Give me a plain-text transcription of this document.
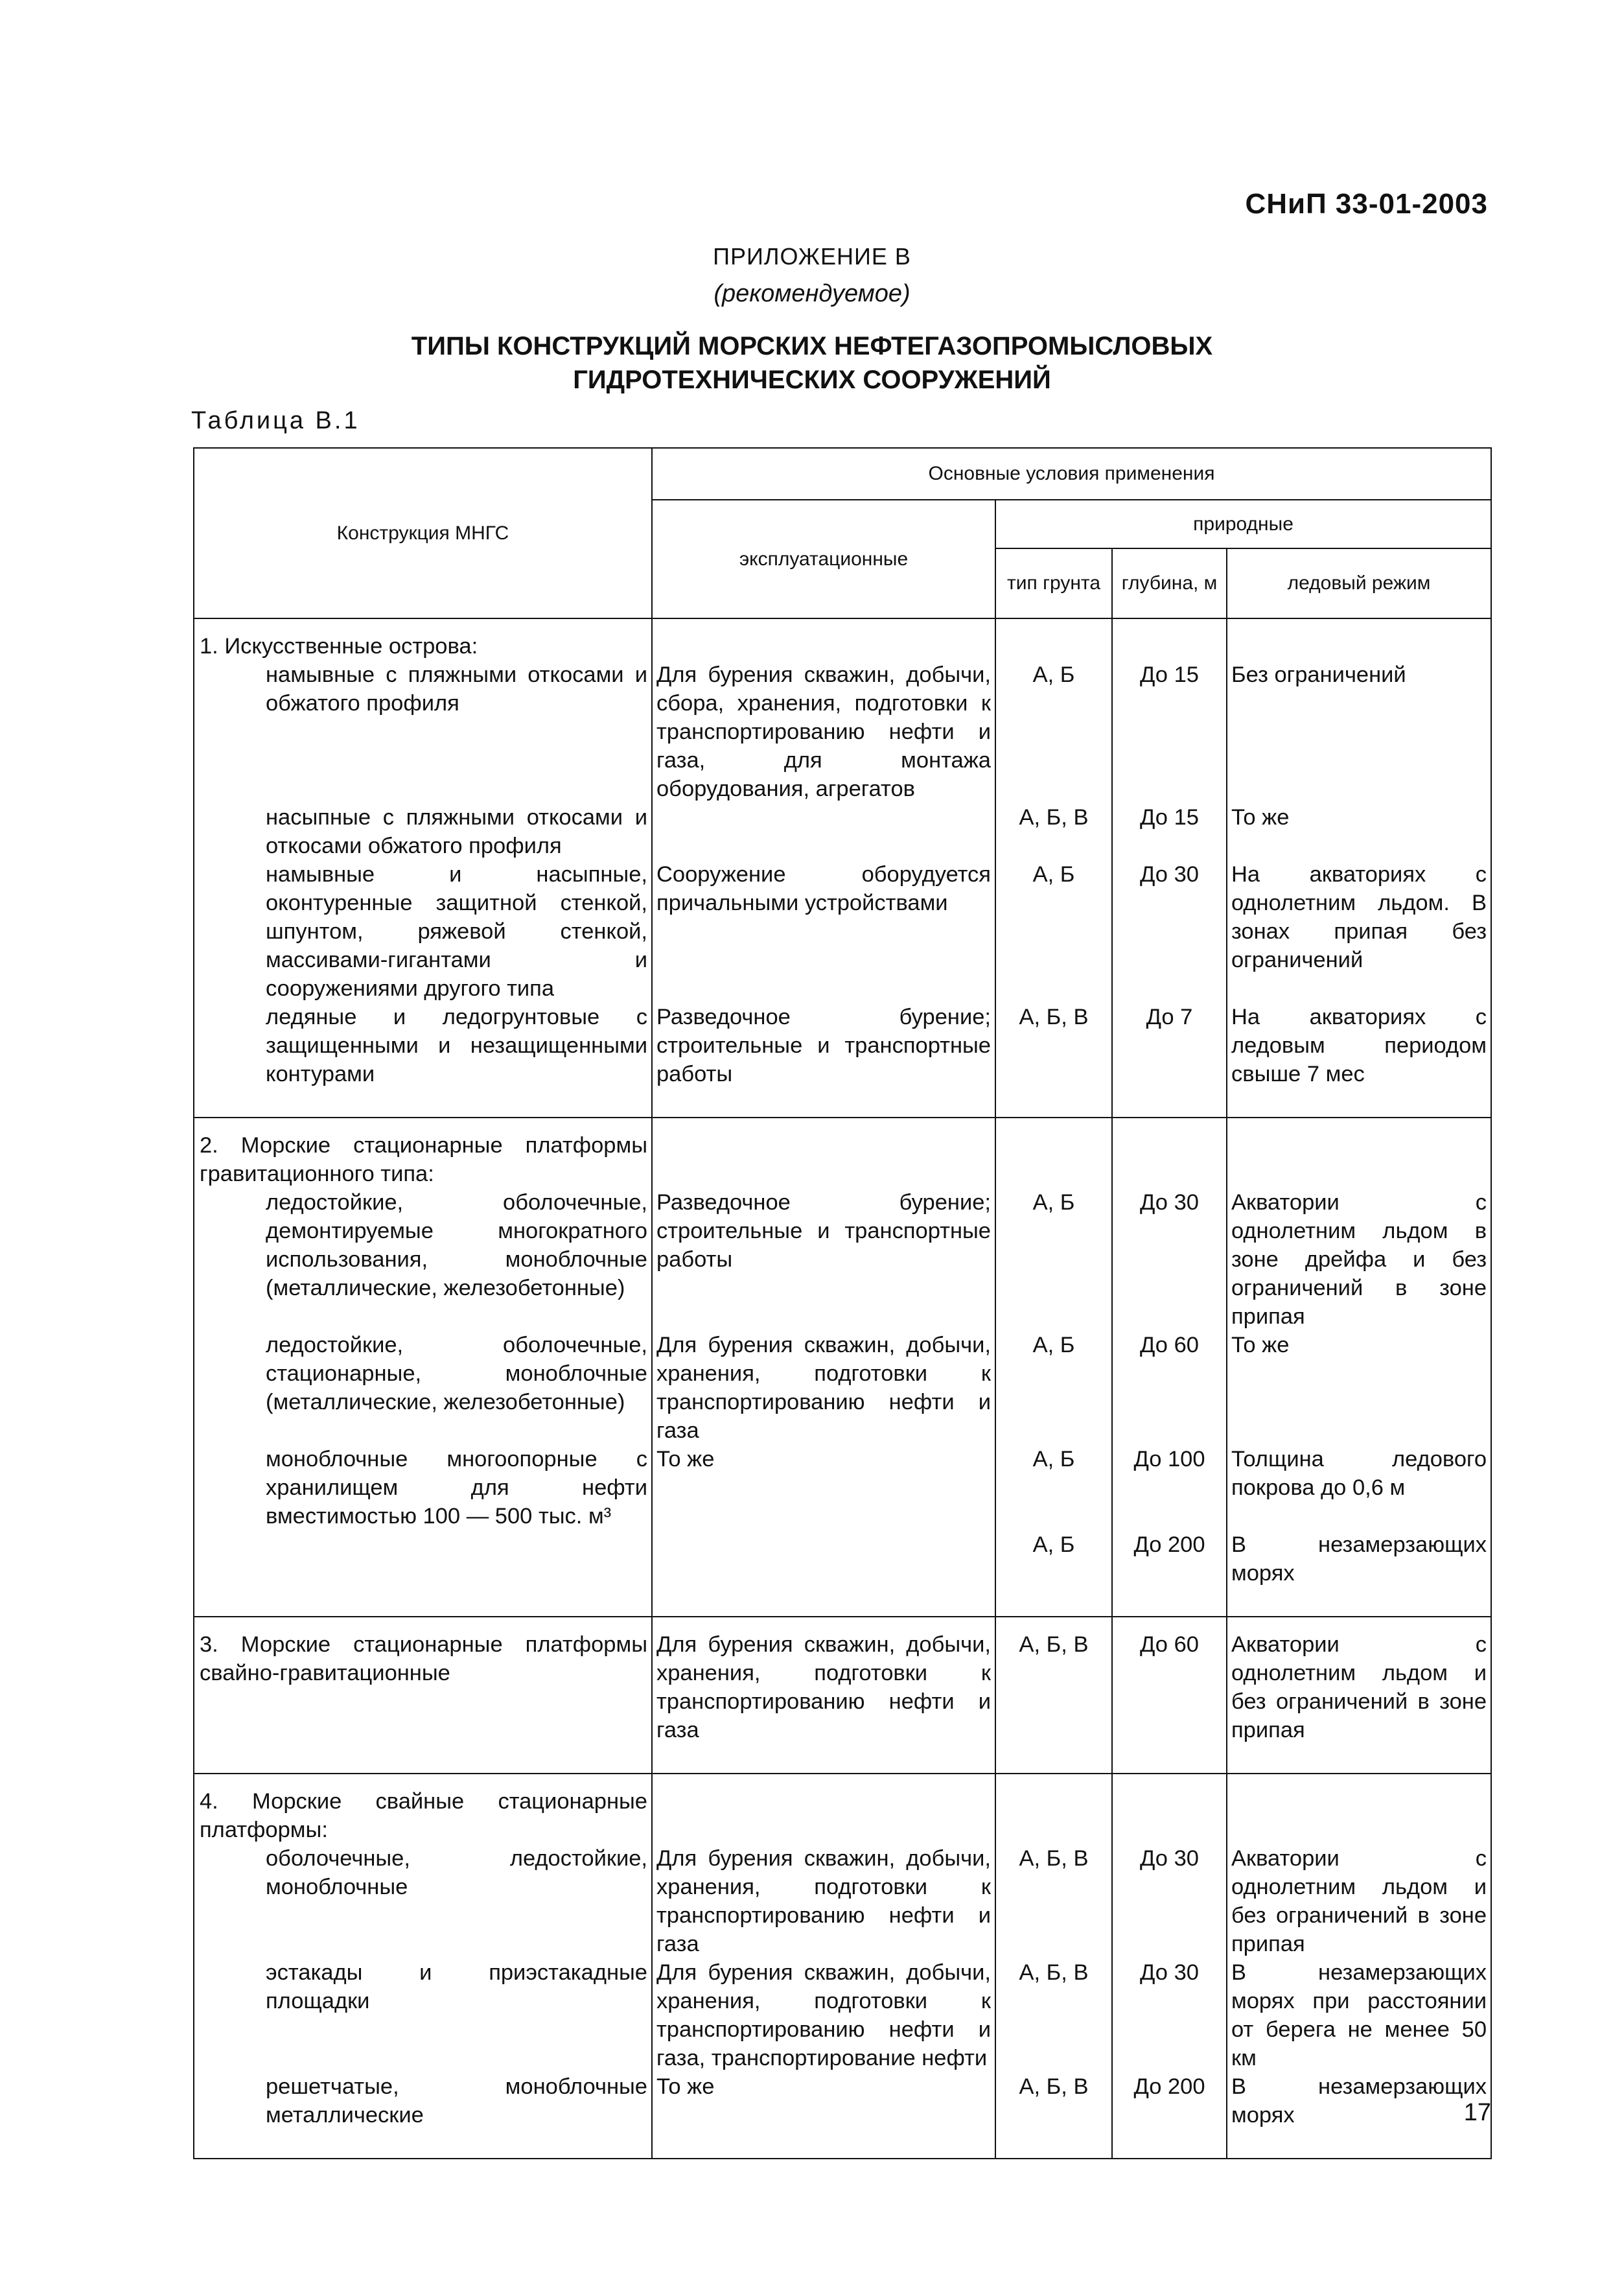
СНиП 33-01-2003
ПРИЛОЖЕНИЕ В
(рекомендуемое)
ТИПЫ КОНСТРУКЦИЙ МОРСКИХ НЕФТЕГАЗОПРОМЫСЛОВЫХ
ГИДРОТЕХНИЧЕСКИХ СООРУЖЕНИЙ
Таблица В.1
Конструкция МНГС	Основные условия применения			
	эксплуатационные	природные		
		тип грунта	глубина, м	ледовый режим
1. Искусственные острова:				
намывные с пляжными откосами и обжатого профиля	Для бурения скважин, добычи, сбора, хранения, подготовки к транспортированию нефти и газа, для монтажа оборудования, агрегатов	А, Б	До 15	Без ограничений
насыпные с пляжными откосами и откосами обжатого профиля		А, Б, В	До 15	То же
намывные и насыпные, оконтуренные защитной стенкой, шпунтом, ряжевой стенкой, массивами-гигантами и сооружениями другого типа	Сооружение оборудуется причальными устройствами	А, Б	До 30	На акваториях с однолетним льдом. В зонах припая без ограничений
ледяные и ледогрунтовые с защищенными и незащищенными контурами	Разведочное бурение; строительные и транспортные работы	А, Б, В	До 7	На акваториях с ледовым периодом свыше 7 мес

2. Морские стационарные платформы гравитационного типа:				
ледостойкие, оболочечные, демонтируемые многократного использования, моноблочные (металлические, железобетонные)	Разведочное бурение; строительные и транспортные работы	А, Б	До 30	Акватории с однолетним льдом в зоне дрейфа и без ограничений в зоне припая
ледостойкие, оболочечные, стационарные, моноблочные (металлические, железобетонные)	Для бурения скважин, добычи, хранения, подготовки к транспортированию нефти и газа	А, Б	До 60	То же
моноблочные многоопорные с хранилищем для нефти вместимостью 100 — 500 тыс. м³	То же	А, Б	До 100	Толщина ледового покрова до 0,6 м
		А, Б	До 200	В незамерзающих морях

3. Морские стационарные платформы свайно-гравитационные	Для бурения скважин, добычи, хранения, подготовки к транспортированию нефти и газа	А, Б, В	До 60	Акватории с однолетним льдом и без ограничений в зоне припая

4. Морские свайные стационарные платформы:				
оболочечные, ледостойкие, моноблочные	Для бурения скважин, добычи, хранения, подготовки к транспортированию нефти и газа	А, Б, В	До 30	Акватории с однолетним льдом и без ограничений в зоне припая
эстакады и приэстакадные площадки	Для бурения скважин, добычи, хранения, подготовки к транспортированию нефти и газа, транспортирование нефти	А, Б, В	До 30	В незамерзающих морях при расстоянии от берега не менее 50 км
решетчатые, моноблочные металлические	То же	А, Б, В	До 200	В незамерзающих морях
					17
